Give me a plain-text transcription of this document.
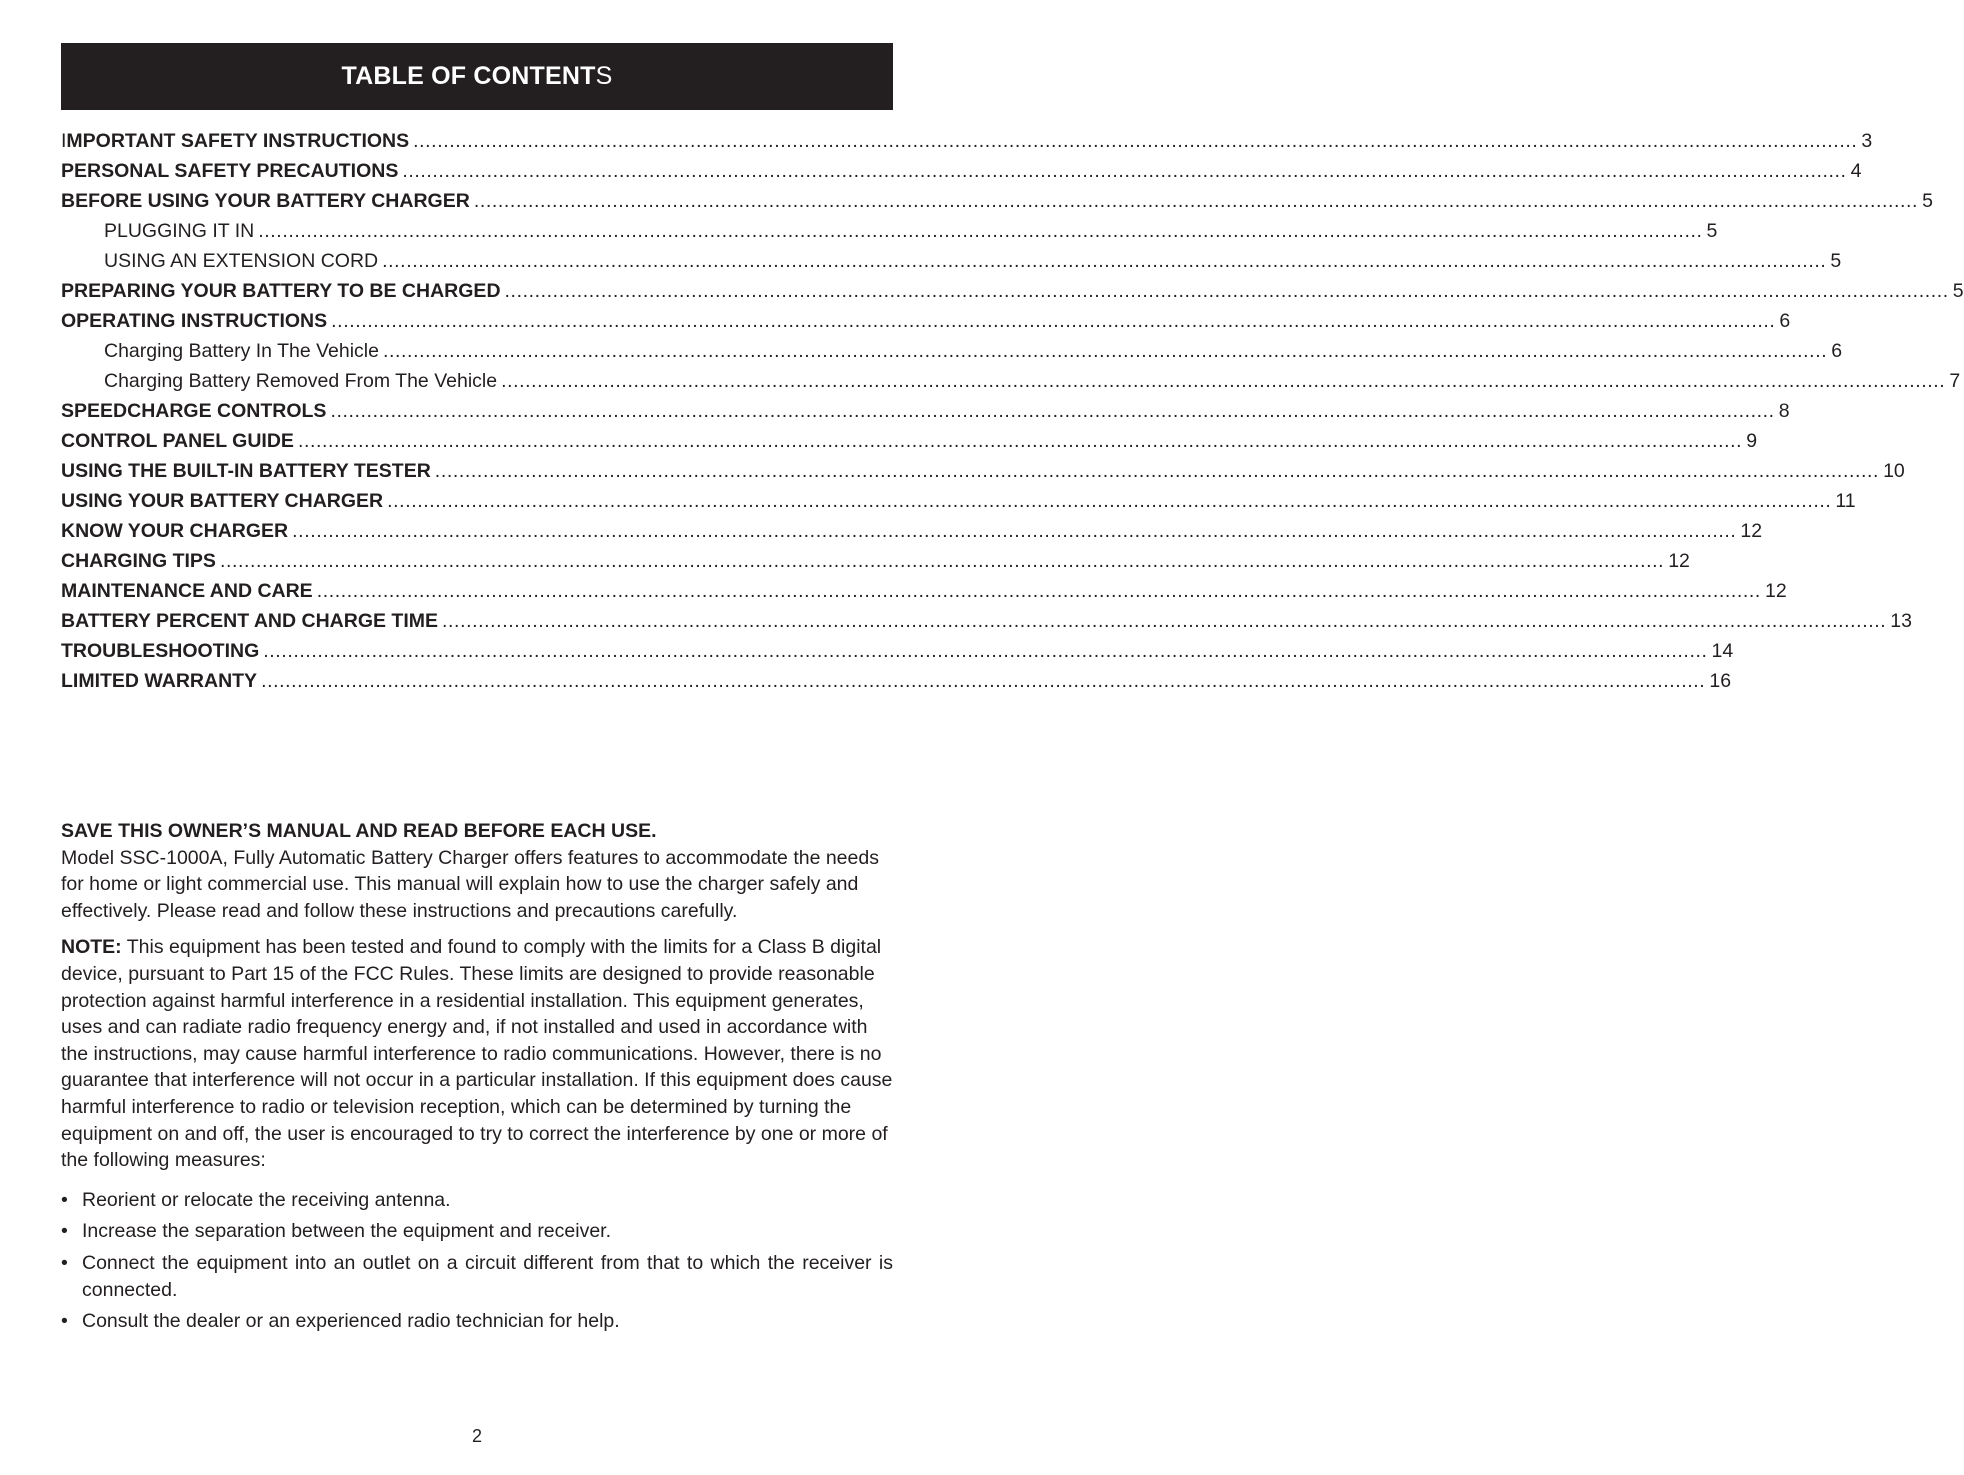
TABLE OF CONTENTS
IMPORTANT SAFETY INSTRUCTIONS ................................................................................................................................................................................................................................................ 3
PERSONAL SAFETY PRECAUTIONS ................................................................................................................................................................................................................................................ 4
BEFORE USING YOUR BATTERY CHARGER ................................................................................................................................................................................................................................................ 5
PLUGGING IT IN ................................................................................................................................................................................................................................................ 5
USING AN EXTENSION CORD ................................................................................................................................................................................................................................................ 5
PREPARING YOUR BATTERY TO BE CHARGED ................................................................................................................................................................................................................................................ 5
OPERATING INSTRUCTIONS ................................................................................................................................................................................................................................................ 6
Charging Battery In The Vehicle ................................................................................................................................................................................................................................................ 6
Charging Battery Removed From The Vehicle ................................................................................................................................................................................................................................................ 7
SPEEDCHARGE CONTROLS ................................................................................................................................................................................................................................................ 8
CONTROL PANEL GUIDE ................................................................................................................................................................................................................................................ 9
USING THE BUILT-IN BATTERY TESTER ................................................................................................................................................................................................................................................ 10
USING YOUR BATTERY CHARGER ................................................................................................................................................................................................................................................ 11
KNOW YOUR CHARGER ................................................................................................................................................................................................................................................ 12
CHARGING TIPS ................................................................................................................................................................................................................................................ 12
MAINTENANCE AND CARE ................................................................................................................................................................................................................................................ 12
BATTERY PERCENT AND CHARGE TIME ................................................................................................................................................................................................................................................ 13
TROUBLESHOOTING ................................................................................................................................................................................................................................................ 14
LIMITED WARRANTY ................................................................................................................................................................................................................................................ 16

SAVE THIS OWNER’S MANUAL AND READ BEFORE EACH USE.

Model SSC-1000A, Fully Automatic Battery Charger offers features to accommodate the needs for home or light commercial use. This manual will explain how to use the charger safely and effectively. Please read and follow these instructions and precautions carefully.

NOTE: This equipment has been tested and found to comply with the limits for a Class B digital device, pursuant to Part 15 of the FCC Rules. These limits are designed to provide reasonable protection against harmful interference in a residential installation. This equipment generates, uses and can radiate radio frequency energy and, if not installed and used in accordance with the instructions, may cause harmful interference to radio communications. However, there is no guarantee that interference will not occur in a particular installation. If this equipment does cause harmful interference to radio or television reception, which can be determined by turning the equipment on and off, the user is encouraged to try to correct the interference by one or more of the following measures:

• Reorient or relocate the receiving antenna.
• Increase the separation between the equipment and receiver.
• Connect the equipment into an outlet on a circuit different from that to which the receiver is connected.
• Consult the dealer or an experienced radio technician for help.
2
